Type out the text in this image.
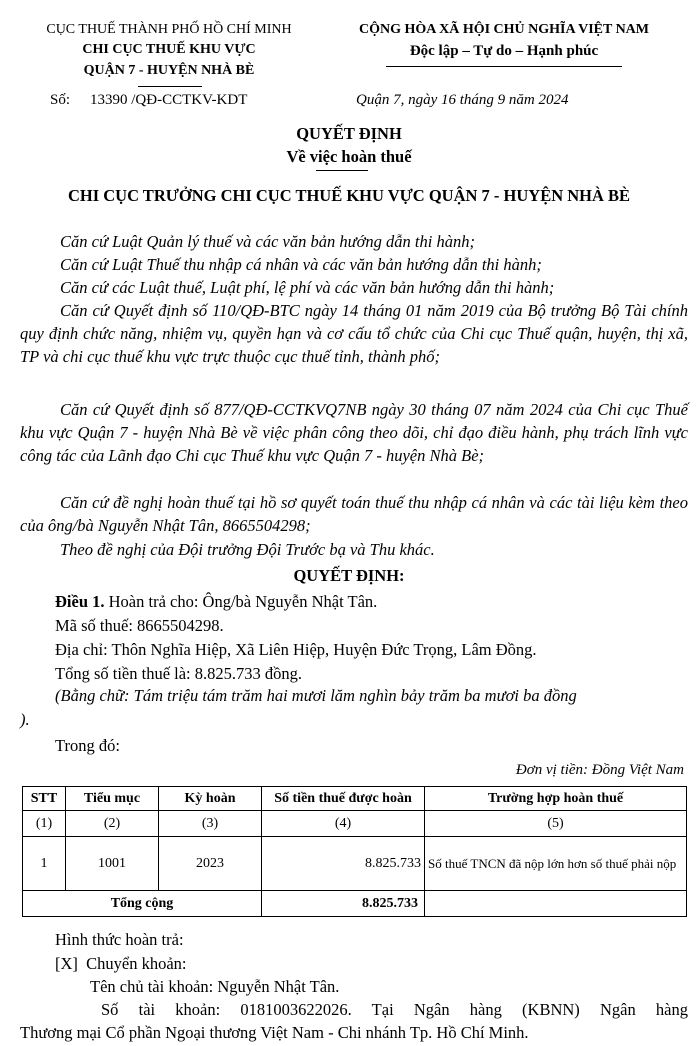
CỤC THUẾ THÀNH PHỐ HỒ CHÍ MINH
CHI CỤC THUẾ KHU VỰC
QUẬN 7 - HUYỆN NHÀ BÈ
CỘNG HÒA XÃ HỘI CHỦ NGHĨA VIỆT NAM
Độc lập – Tự do – Hạnh phúc
Số: 13390 /QĐ-CCTKV-KDT	Quận 7, ngày 16 tháng 9 năm 2024
QUYẾT ĐỊNH
Về việc hoàn thuế
CHI CỤC TRƯỞNG CHI CỤC THUẾ KHU VỰC QUẬN 7 - HUYỆN NHÀ BÈ
Căn cứ Luật Quản lý thuế và các văn bản hướng dẫn thi hành;
Căn cứ Luật Thuế thu nhập cá nhân và các văn bản hướng dẫn thi hành;
Căn cứ các Luật thuế, Luật phí, lệ phí và các văn bản hướng dẫn thi hành;
Căn cứ Quyết định số 110/QĐ-BTC ngày 14 tháng 01 năm 2019 của Bộ trưởng Bộ Tài chính quy định chức năng, nhiệm vụ, quyền hạn và cơ cấu tổ chức của Chi cục Thuế quận, huyện, thị xã, TP và chi cục thuế khu vực trực thuộc cục thuế tỉnh, thành phố;
Căn cứ Quyết định số 877/QĐ-CCTKVQ7NB ngày 30 tháng 07 năm 2024 của Chi cục Thuế khu vực Quận 7 - huyện Nhà Bè về việc phân công theo dõi, chỉ đạo điều hành, phụ trách lĩnh vực công tác của Lãnh đạo Chi cục Thuế khu vực Quận 7 - huyện Nhà Bè;
Căn cứ đề nghị hoàn thuế tại hồ sơ quyết toán thuế thu nhập cá nhân và các tài liệu kèm theo của ông/bà Nguyễn Nhật Tân, 8665504298;
Theo đề nghị của Đội trưởng Đội Trước bạ và Thu khác.
QUYẾT ĐỊNH:
Điều 1. Hoàn trả cho: Ông/bà Nguyễn Nhật Tân.
Mã số thuế: 8665504298.
Địa chỉ: Thôn Nghĩa Hiệp, Xã Liên Hiệp, Huyện Đức Trọng, Lâm Đồng.
Tổng số tiền thuế là: 8.825.733 đồng.
(Bằng chữ: Tám triệu tám trăm hai mươi lăm nghìn bảy trăm ba mươi ba đồng
).
Trong đó:
Đơn vị tiền: Đồng Việt Nam
STT	Tiểu mục	Kỳ hoàn	Số tiền thuế được hoàn	Trường hợp hoàn thuế
(1)	(2)	(3)	(4)	(5)
1	1001	2023	8.825.733	Số thuế TNCN đã nộp lớn hơn số thuế phải nộp
Tổng cộng			8.825.733	
Hình thức hoàn trả:
[X] Chuyển khoản:
Tên chủ tài khoản: Nguyễn Nhật Tân.
Số tài khoản: 0181003622026. Tại Ngân hàng (KBNN) Ngân hàng
Thương mại Cổ phần Ngoại thương Việt Nam - Chi nhánh Tp. Hồ Chí Minh.
